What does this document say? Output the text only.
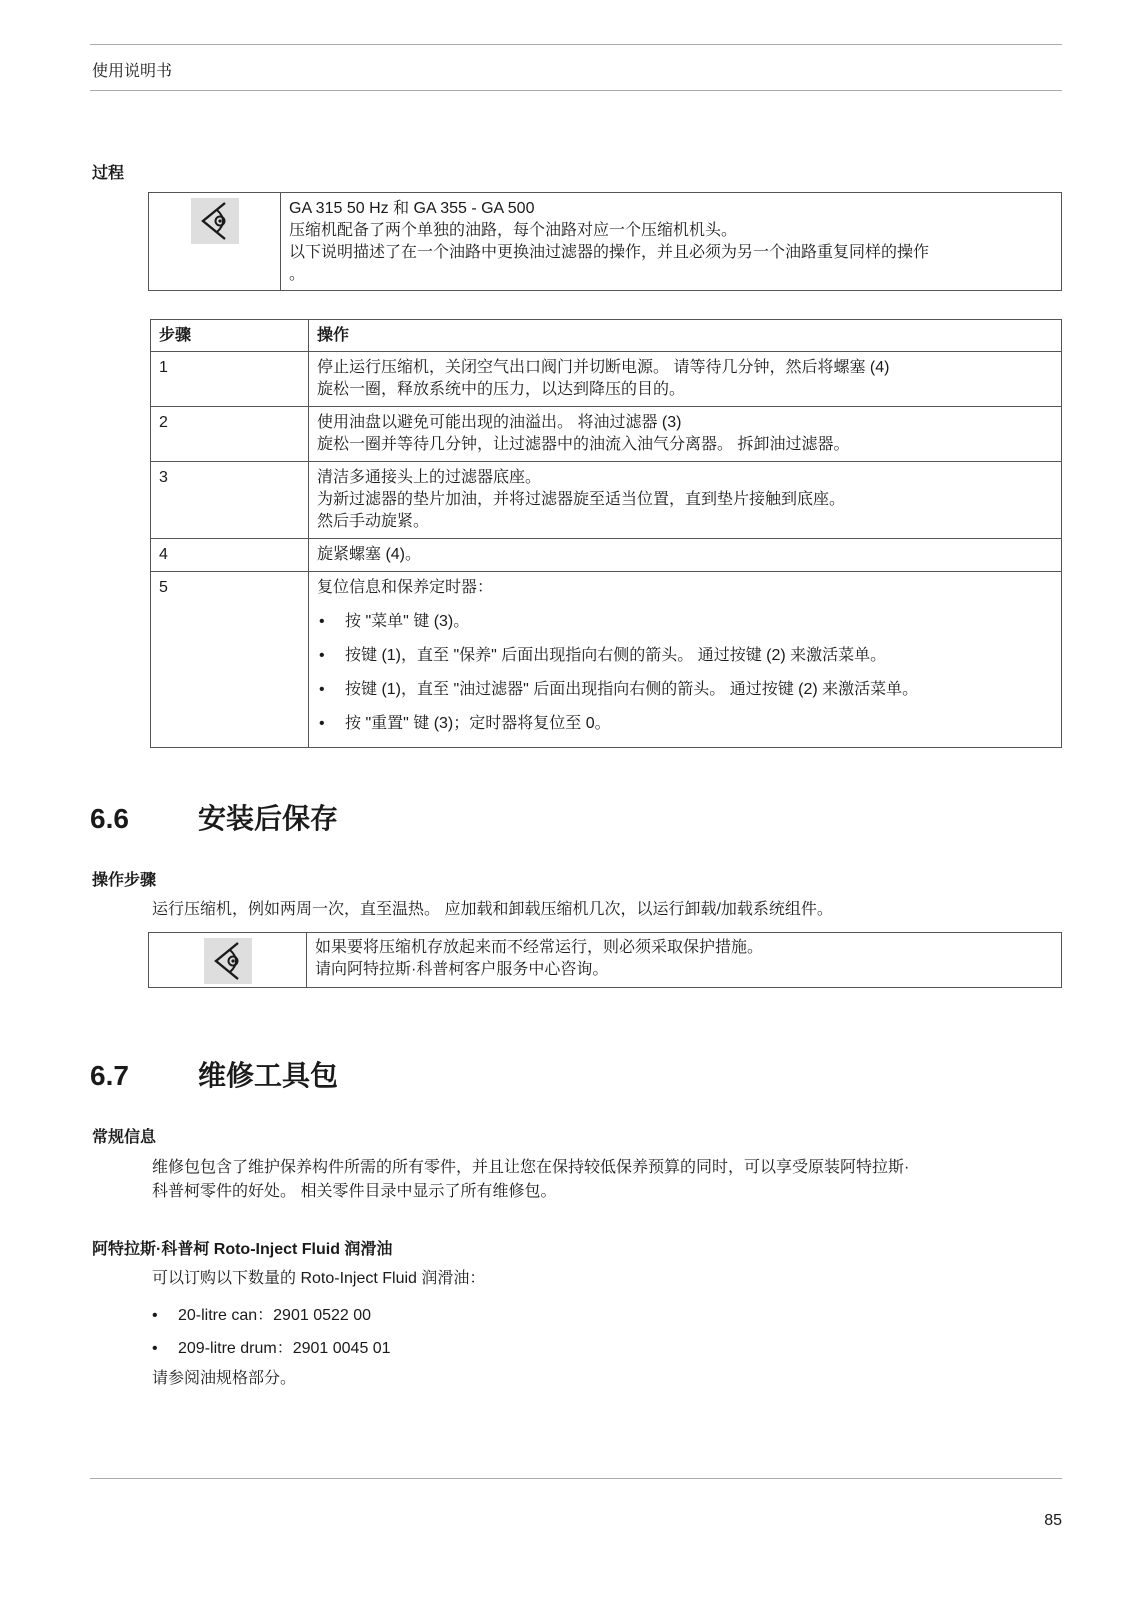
使用说明书
过程
GA 315 50 Hz 和 GA 355 - GA 500
压缩机配备了两个单独的油路，每个油路对应一个压缩机机头。
以下说明描述了在一个油路中更换油过滤器的操作，并且必须为另一个油路重复同样的操作
。
步骤	操作
1	停止运行压缩机，关闭空气出口阀门并切断电源。 请等待几分钟，然后将螺塞 (4)
旋松一圈，释放系统中的压力，以达到降压的目的。

2	使用油盘以避免可能出现的油溢出。 将油过滤器 (3)
旋松一圈并等待几分钟，让过滤器中的油流入油气分离器。 拆卸油过滤器。

3	清洁多通接头上的过滤器底座。
为新过滤器的垫片加油，并将过滤器旋至适当位置，直到垫片接触到底座。
然后手动旋紧。

4	旋紧螺塞 (4)。

5	复位信息和保养定时器：
• 按 "菜单" 键 (3)。
• 按键 (1)，直至 "保养" 后面出现指向右侧的箭头。 通过按键 (2) 来激活菜单。
• 按键 (1)，直至 "油过滤器" 后面出现指向右侧的箭头。 通过按键 (2) 来激活菜单。
• 按 "重置" 键 (3)；定时器将复位至 0。
6.6 安装后保存
操作步骤
运行压缩机，例如两周一次，直至温热。 应加载和卸载压缩机几次，以运行卸载/加载系统组件。
如果要将压缩机存放起来而不经常运行，则必须采取保护措施。
请向阿特拉斯·科普柯客户服务中心咨询。
6.7 维修工具包
常规信息
维修包包含了维护保养构件所需的所有零件，并且让您在保持较低保养预算的同时，可以享受原装阿特拉斯·
科普柯零件的好处。 相关零件目录中显示了所有维修包。
阿特拉斯·科普柯 Roto-Inject Fluid 润滑油
可以订购以下数量的 Roto-Inject Fluid 润滑油：
• 20-litre can：2901 0522 00
• 209-litre drum：2901 0045 01
请参阅油规格部分。
85
